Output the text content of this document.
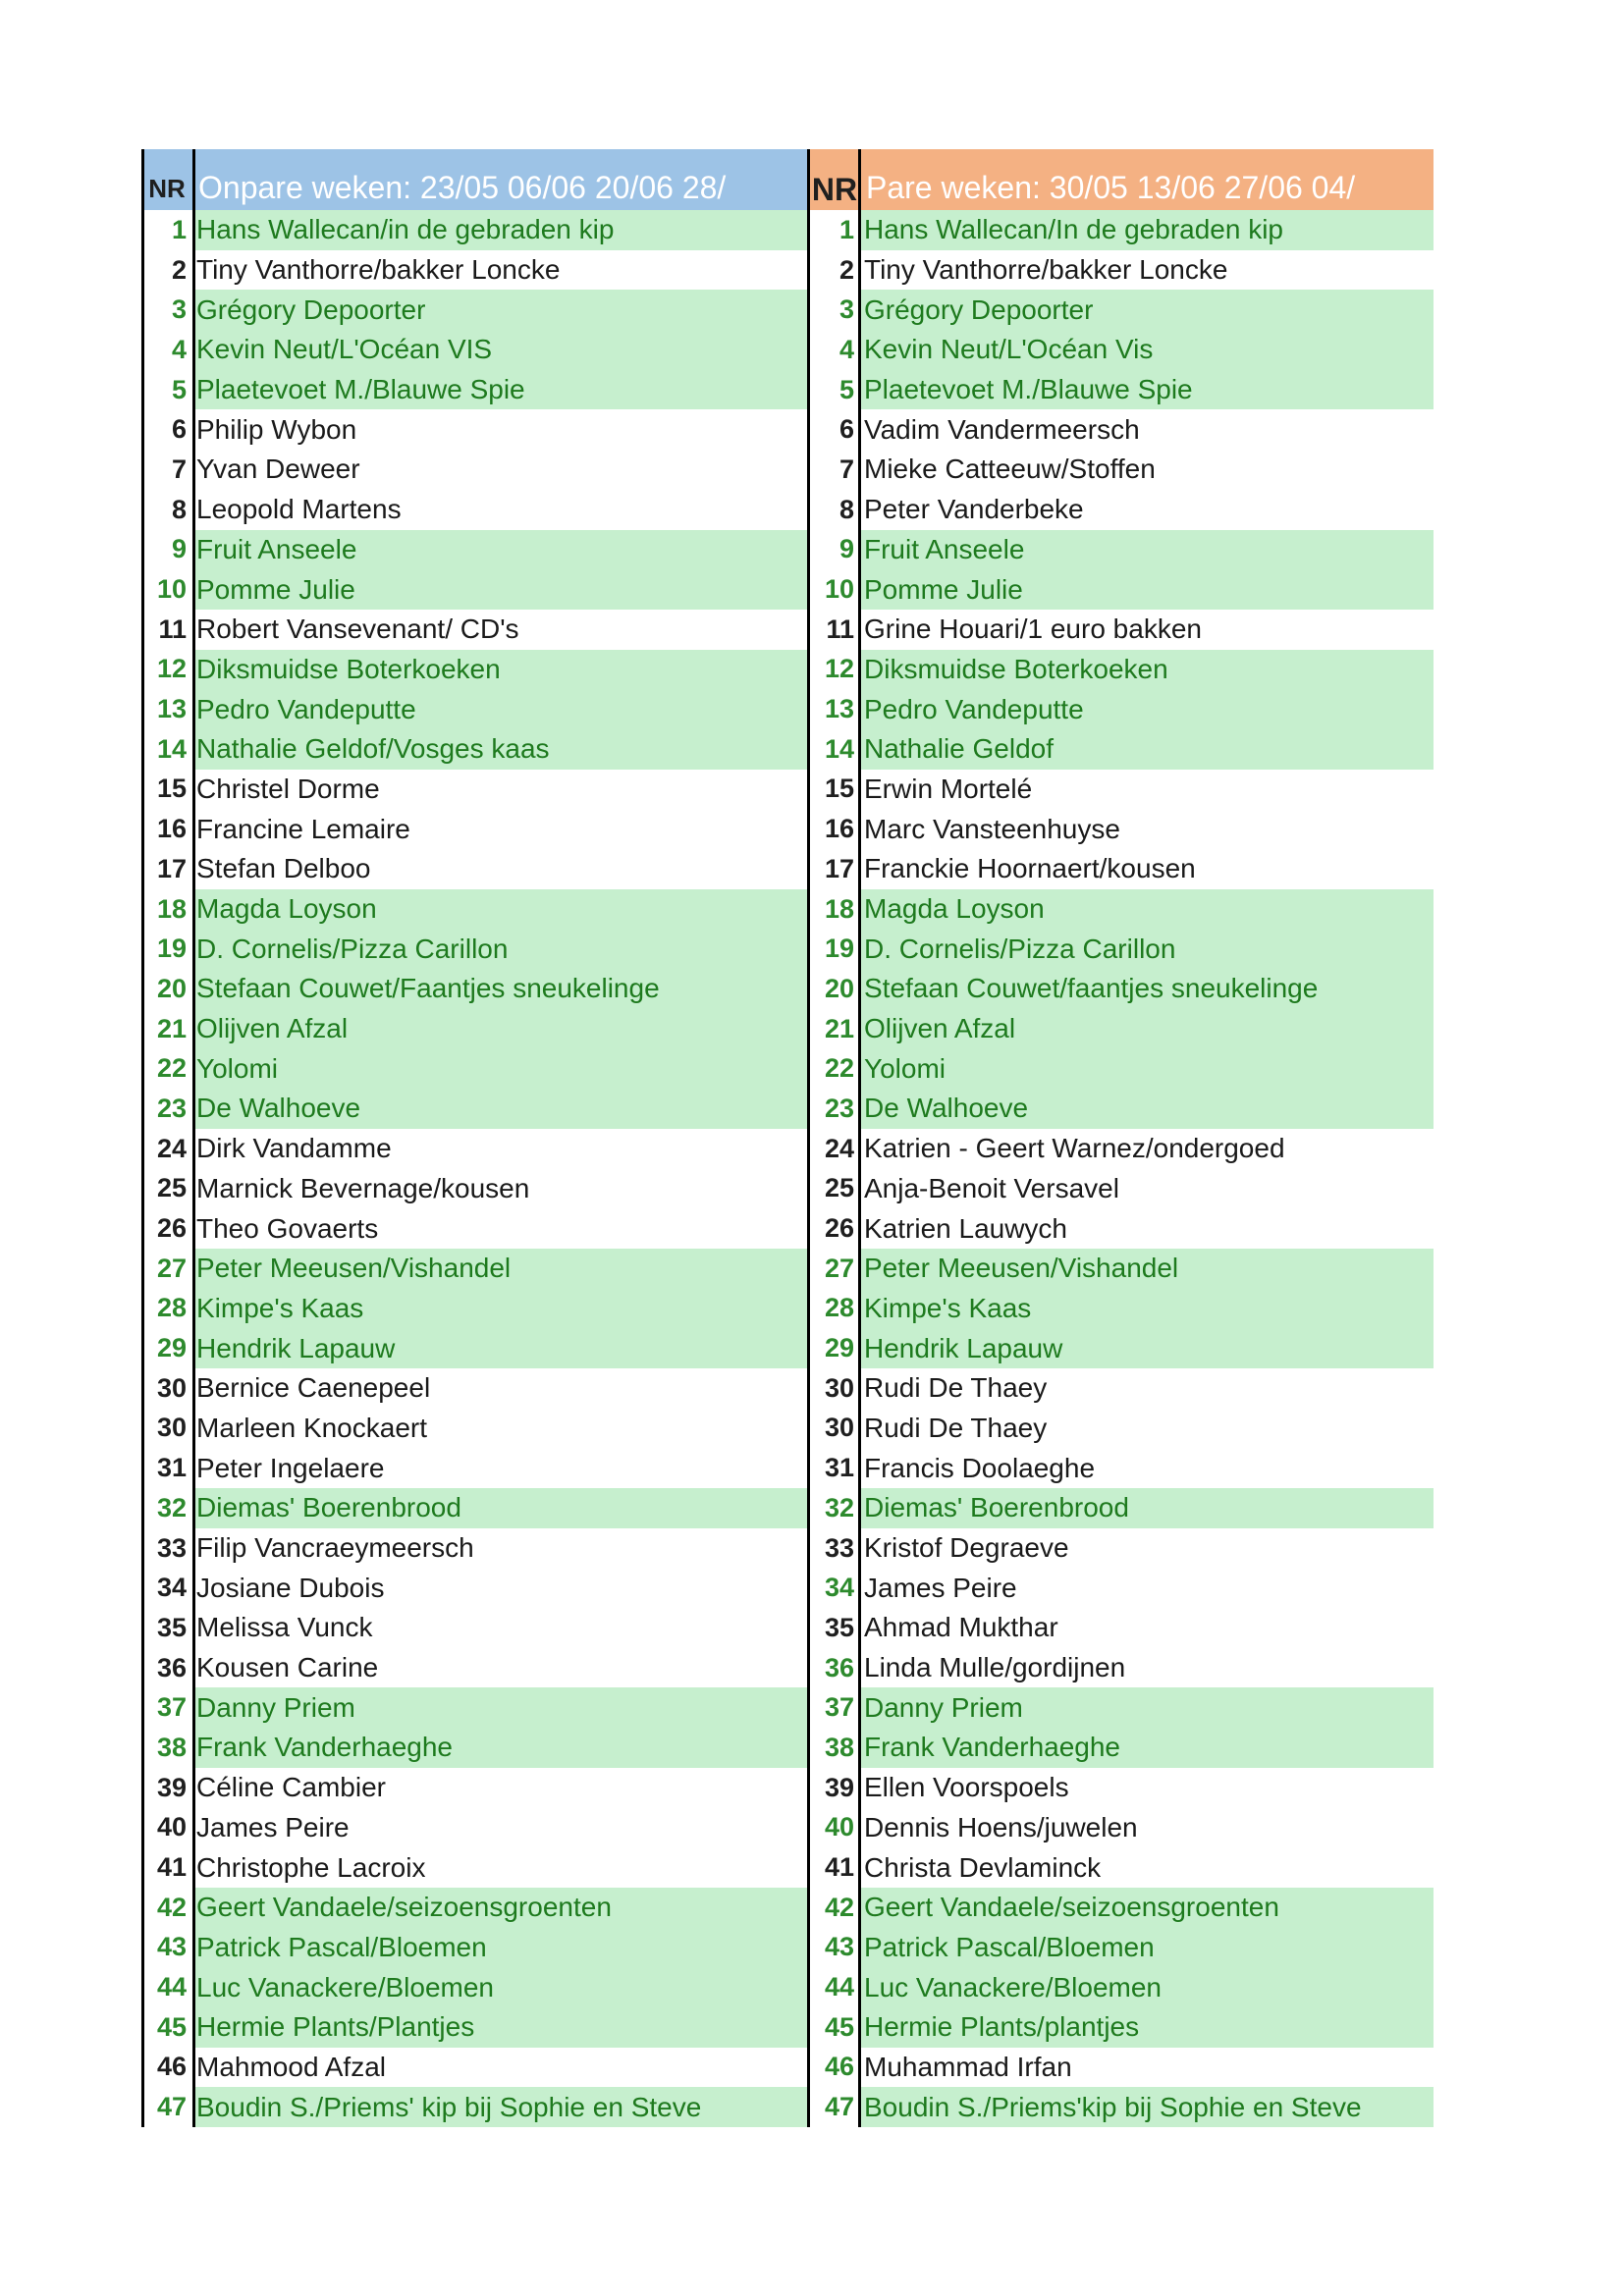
NR Onpare weken: 23/05 06/06 20/06 28/
1 Hans Wallecan/in de gebraden kip
2 Tiny Vanthorre/bakker Loncke
3 Grégory Depoorter
4 Kevin Neut/L'Océan VIS
5 Plaetevoet M./Blauwe Spie
6 Philip Wybon
7 Yvan Deweer
8 Leopold Martens
9 Fruit Anseele
10 Pomme Julie
11 Robert Vansevenant/ CD's
12 Diksmuidse Boterkoeken
13 Pedro Vandeputte
14 Nathalie Geldof/Vosges kaas
15 Christel Dorme
16 Francine Lemaire
17 Stefan Delboo
18 Magda Loyson
19 D. Cornelis/Pizza Carillon
20 Stefaan Couwet/Faantjes sneukelinge
21 Olijven Afzal
22 Yolomi
23 De Walhoeve
24 Dirk Vandamme
25 Marnick Bevernage/kousen
26 Theo Govaerts
27 Peter Meeusen/Vishandel
28 Kimpe's Kaas
29 Hendrik Lapauw
30 Bernice Caenepeel
30 Marleen Knockaert
31 Peter Ingelaere
32 Diemas' Boerenbrood
33 Filip Vancraeymeersch
34 Josiane Dubois
35 Melissa Vunck
36 Kousen Carine
37 Danny Priem
38 Frank Vanderhaeghe
39 Céline Cambier
40 James Peire
41 Christophe Lacroix
42 Geert Vandaele/seizoensgroenten
43 Patrick Pascal/Bloemen
44 Luc Vanackere/Bloemen
45 Hermie Plants/Plantjes
46 Mahmood Afzal
47 Boudin S./Priems' kip bij Sophie en Steve
NR Pare weken: 30/05 13/06 27/06 04/
1 Hans Wallecan/In de gebraden kip
2 Tiny Vanthorre/bakker Loncke
3 Grégory Depoorter
4 Kevin Neut/L'Océan Vis
5 Plaetevoet M./Blauwe Spie
6 Vadim Vandermeersch
7 Mieke Catteeuw/Stoffen
8 Peter Vanderbeke
9 Fruit Anseele
10 Pomme Julie
11 Grine Houari/1 euro bakken
12 Diksmuidse Boterkoeken
13 Pedro Vandeputte
14 Nathalie Geldof
15 Erwin Mortelé
16 Marc Vansteenhuyse
17 Franckie Hoornaert/kousen
18 Magda Loyson
19 D. Cornelis/Pizza Carillon
20 Stefaan Couwet/faantjes sneukelinge
21 Olijven Afzal
22 Yolomi
23 De Walhoeve
24 Katrien - Geert Warnez/ondergoed
25 Anja-Benoit Versavel
26 Katrien Lauwych
27 Peter Meeusen/Vishandel
28 Kimpe's Kaas
29 Hendrik Lapauw
30 Rudi De Thaey
30 Rudi De Thaey
31 Francis Doolaeghe
32 Diemas' Boerenbrood
33 Kristof Degraeve
34 James Peire
35 Ahmad Mukthar
36 Linda Mulle/gordijnen
37 Danny Priem
38 Frank Vanderhaeghe
39 Ellen Voorspoels
40 Dennis Hoens/juwelen
41 Christa Devlaminck
42 Geert Vandaele/seizoensgroenten
43 Patrick Pascal/Bloemen
44 Luc Vanackere/Bloemen
45 Hermie Plants/plantjes
46 Muhammad Irfan
47 Boudin S./Priems'kip bij Sophie en Steve
